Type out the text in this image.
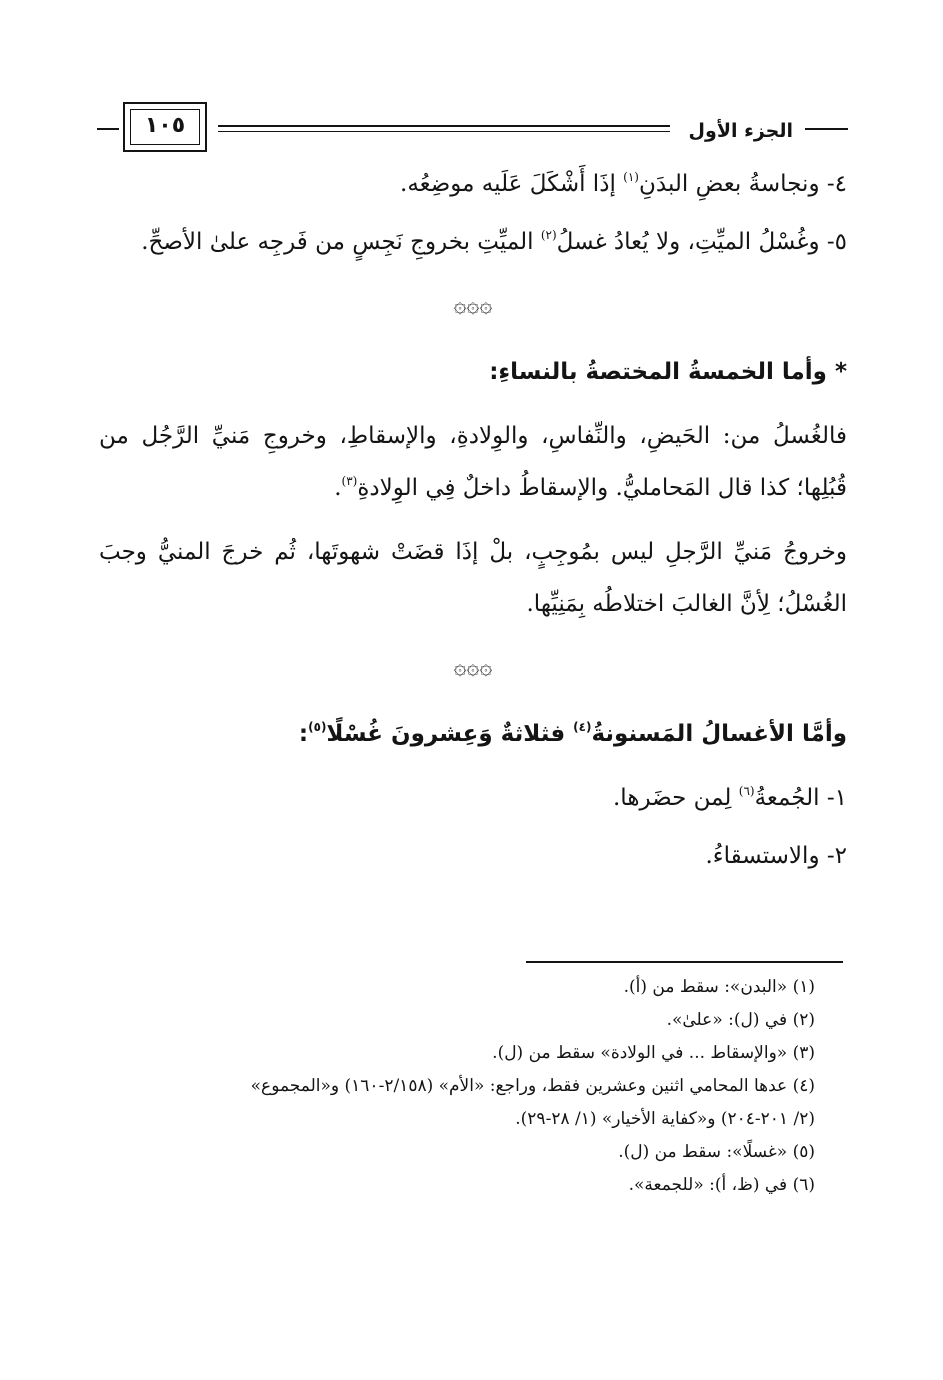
الجزء الأول
١٠٥

٤- ونجاسةُ بعضِ البدَنِ$^{(١)}$ إذَا أَشْكَلَ عَلَيه موضِعُه.

٥- وغُسْلُ الميِّتِ، ولا يُعادُ غسلُ$^{(٢)}$ الميِّتِ بخروجِ نَجِسٍ من فَرجِه علىٰ الأصحِّ.

۞۞۞

* وأما الخمسةُ المختصةُ بالنساءِ:

فالغُسلُ من: الحَيضِ، والنِّفاسِ، والوِلادةِ، والإسقاطِ، وخروجِ مَنيِّ الرَّجُل من قُبُلِها؛ كذا قال المَحامليُّ. والإسقاطُ داخلٌ فِي الوِلادةِ$^{(٣)}$.

وخروجُ مَنيِّ الرَّجلِ ليس بمُوجِبٍ، بلْ إذَا قضَتْ شهوتَها، ثُم خرجَ المنيُّ وجبَ الغُسْلُ؛ لِأنَّ الغالبَ اختلاطُه بِمَنِيِّها.

۞۞۞

وأمَّا الأغسالُ المَسنونةُ$^{(٤)}$ فثلاثةٌ وَعِشرونَ غُسْلًا$^{(٥)}$:

١- الجُمعةُ$^{(٦)}$ لِمن حضَرها.

٢- والاستسقاءُ.

(١) «البدن»: سقط من (أ).
(٢) في (ل): «علىٰ».
(٣) «والإسقاط ... في الولادة» سقط من (ل).
(٤) عدها المحامي اثنين وعشرين فقط، وراجع: «الأم» (٢/١٥٨-١٦٠) و«المجموع»
(٢/ ٢٠١-٢٠٤) و«كفاية الأخيار» (١/ ٢٨-٢٩).
(٥) «غسلًا»: سقط من (ل).
(٦) في (ظ، أ): «للجمعة».
